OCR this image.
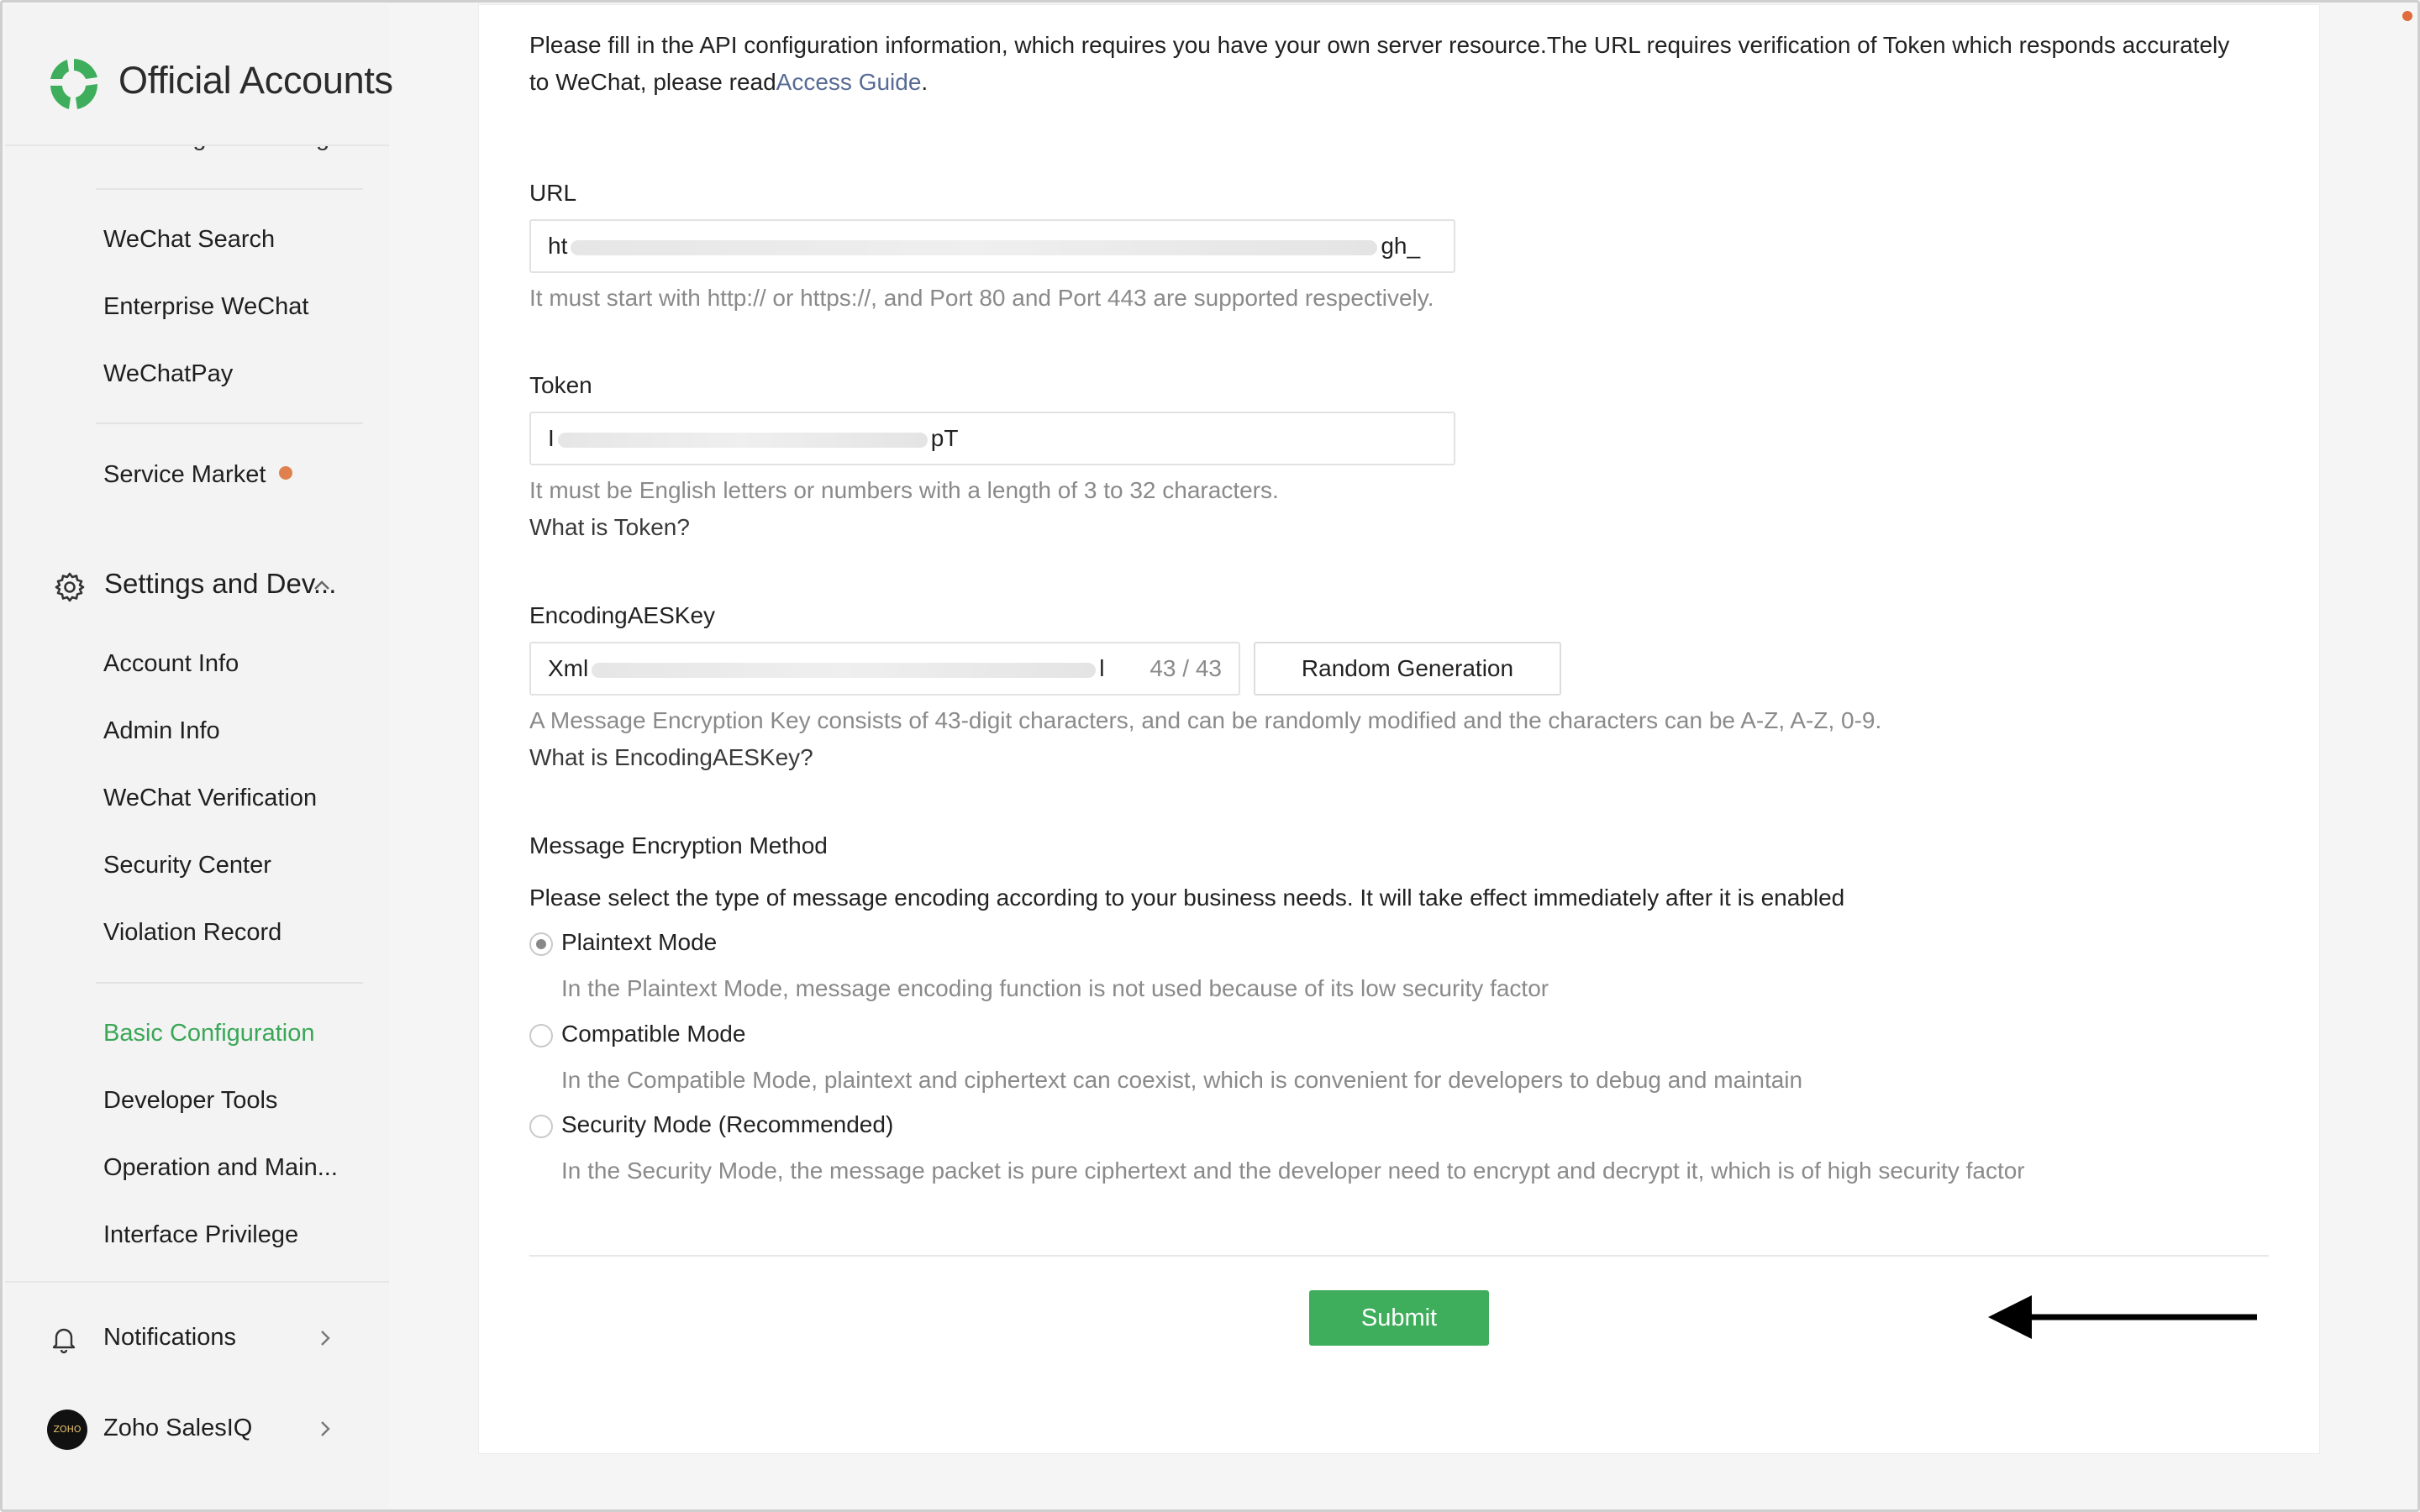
Official Accounts
WeChat Search
Enterprise WeChat
WeChatPay
Service Market
Settings and Dev...
Account Info
Admin Info
WeChat Verification
Security Center
Violation Record
Basic Configuration
Developer Tools
Operation and Main...
Interface Privilege
Notifications
ZOHO Zoho SalesIQ
Please fill in the API configuration information, which requires you have your own server resource.The URL requires verification of Token which responds accurately to WeChat, please readAccess Guide.
URL
ht	gh_
It must start with http:// or https://, and Port 80 and Port 443 are supported respectively.
Token
I	pT
It must be English letters or numbers with a length of 3 to 32 characters.
What is Token?
EncodingAESKey
Xml	l 43 / 43	Random Generation
A Message Encryption Key consists of 43-digit characters, and can be randomly modified and the characters can be A-Z, A-Z, 0-9.
What is EncodingAESKey?
Message Encryption Method
Please select the type of message encoding according to your business needs. It will take effect immediately after it is enabled
Plaintext Mode
In the Plaintext Mode, message encoding function is not used because of its low security factor
Compatible Mode
In the Compatible Mode, plaintext and ciphertext can coexist, which is convenient for developers to debug and maintain
Security Mode (Recommended)
In the Security Mode, the message packet is pure ciphertext and the developer need to encrypt and decrypt it, which is of high security factor
Submit
